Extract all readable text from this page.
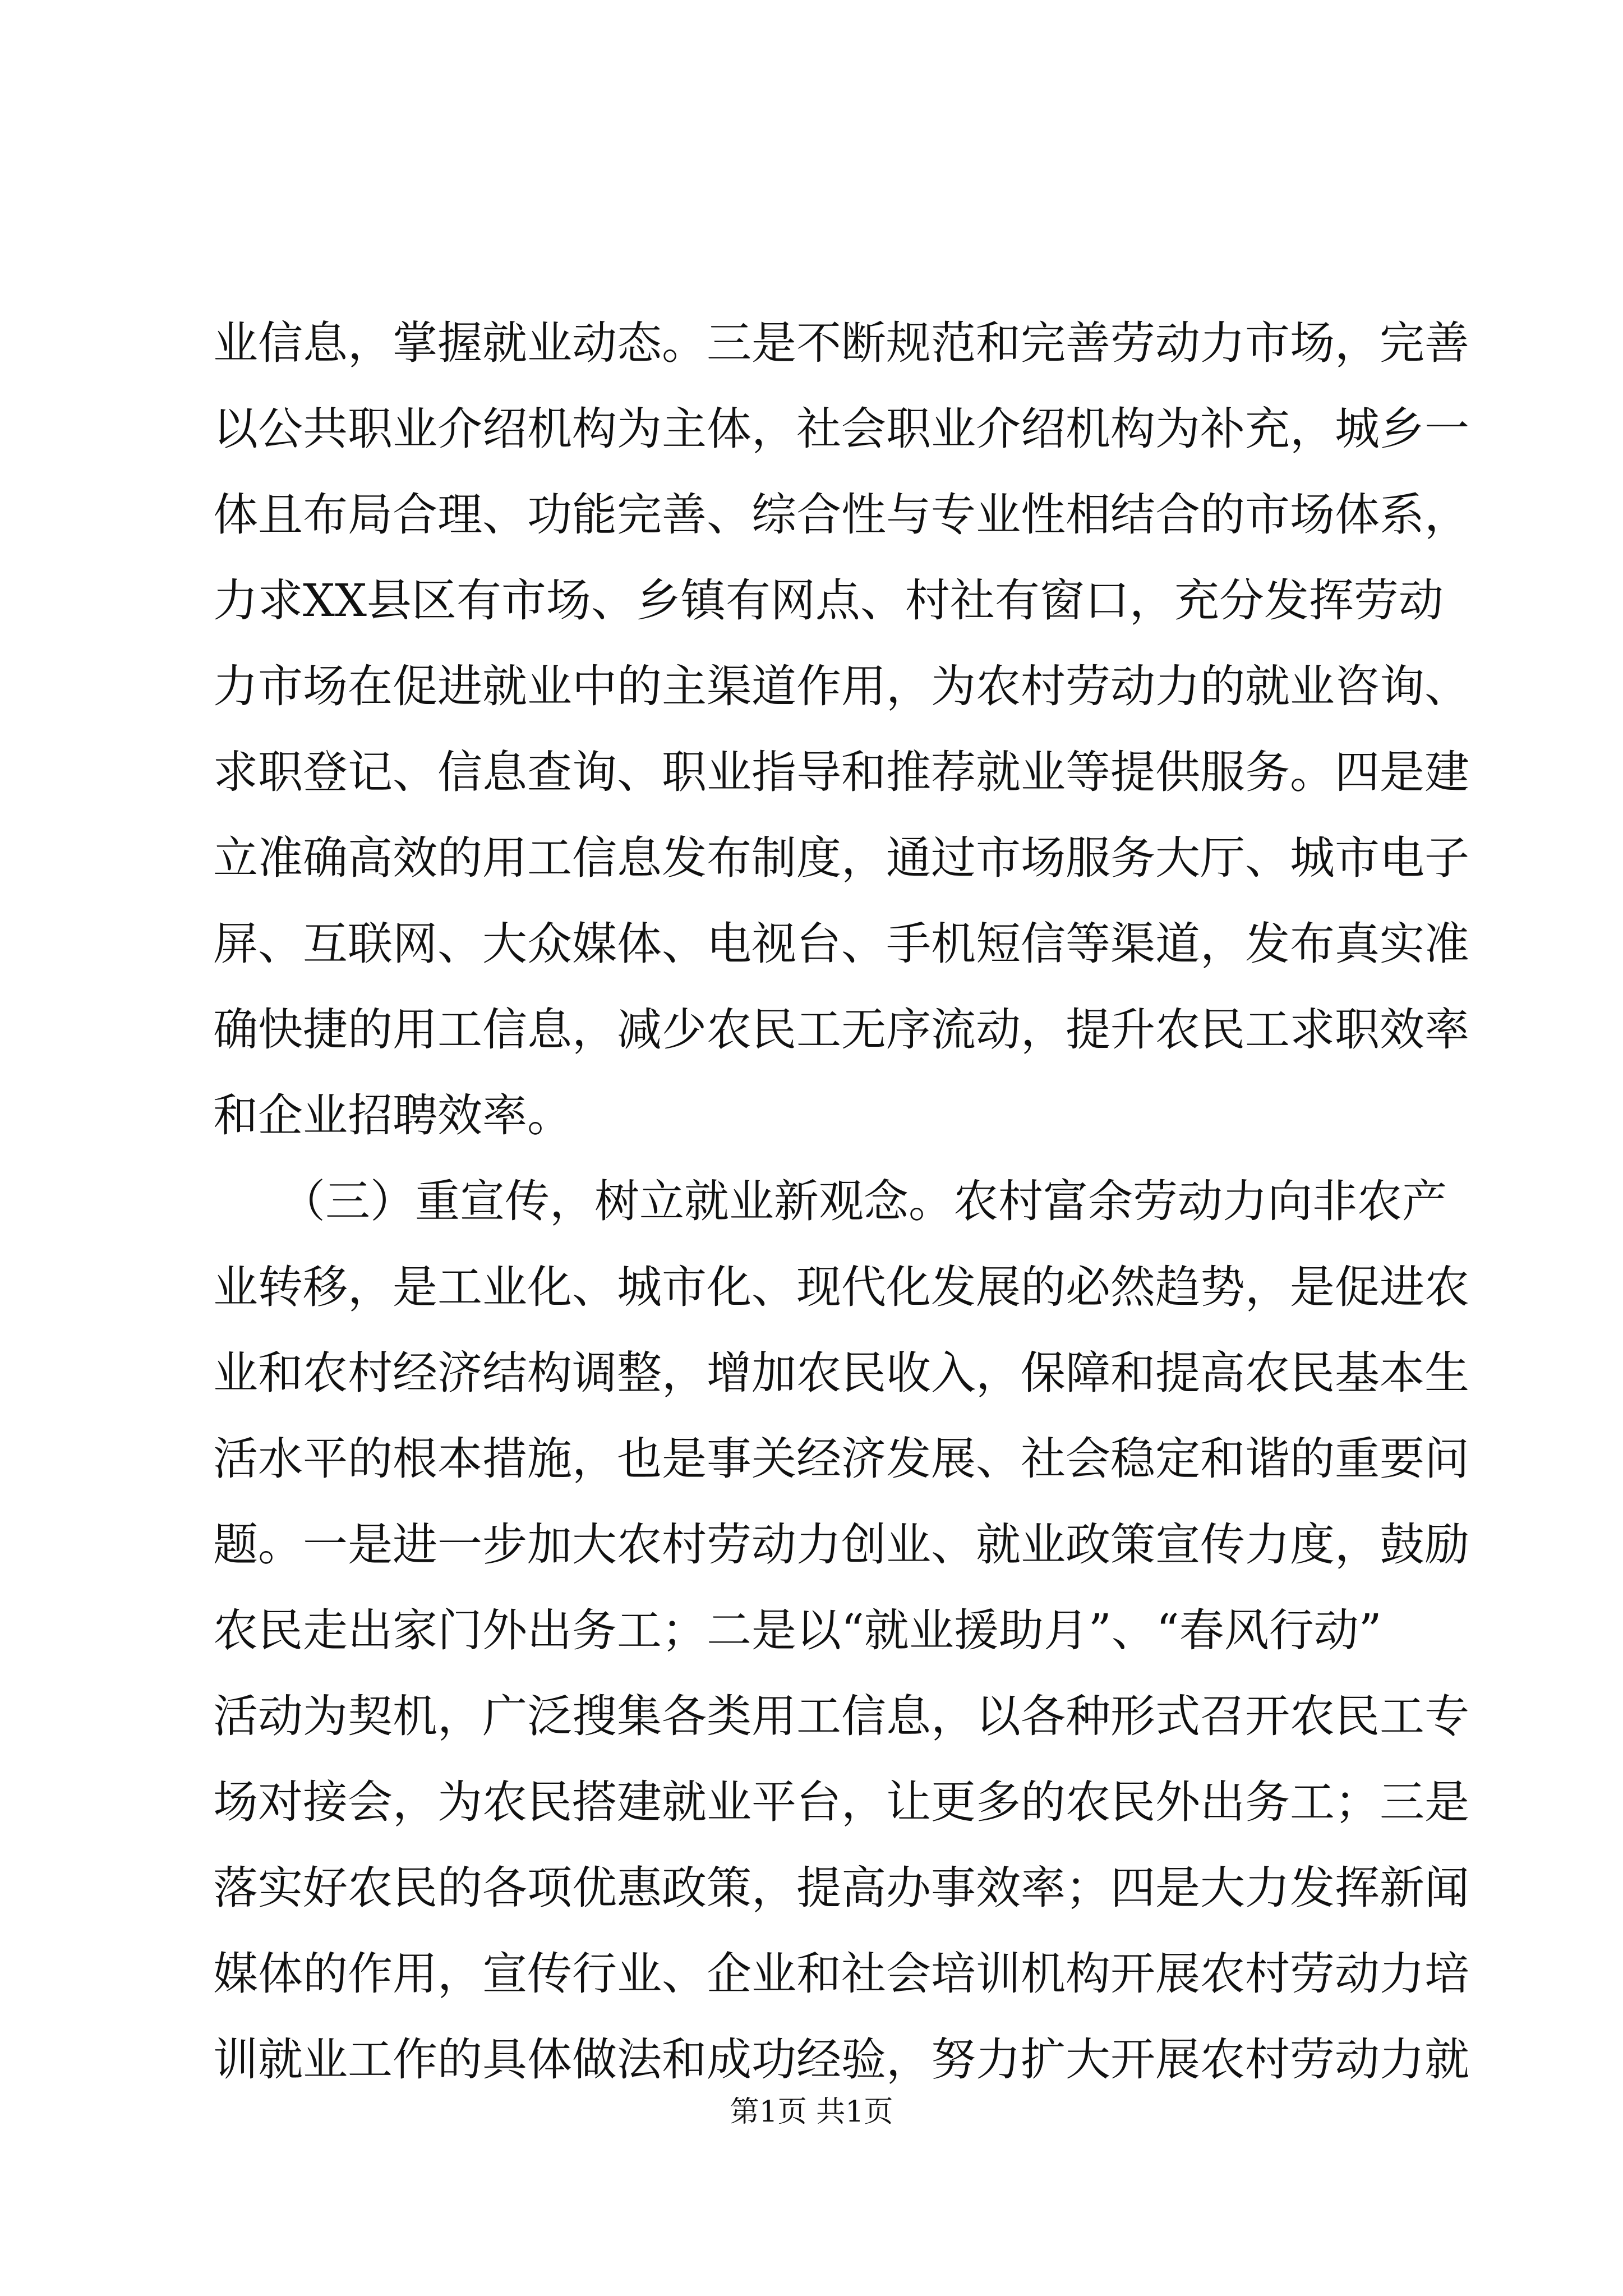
业信息，掌握就业动态。三是不断规范和完善劳动力市场，完善
以公共职业介绍机构为主体，社会职业介绍机构为补充，城乡一
体且布局合理、功能完善、综合性与专业性相结合的市场体系，
力求XX县区有市场、乡镇有网点、村社有窗口，充分发挥劳动
力市场在促进就业中的主渠道作用，为农村劳动力的就业咨询、
求职登记、信息查询、职业指导和推荐就业等提供服务。四是建
立准确高效的用工信息发布制度，通过市场服务大厅、城市电子
屏、互联网、大众媒体、电视台、手机短信等渠道，发布真实准
确快捷的用工信息，减少农民工无序流动，提升农民工求职效率
和企业招聘效率。
　　（三）重宣传，树立就业新观念。农村富余劳动力向非农产
业转移，是工业化、城市化、现代化发展的必然趋势，是促进农
业和农村经济结构调整，增加农民收入，保障和提高农民基本生
活水平的根本措施，也是事关经济发展、社会稳定和谐的重要问
题。一是进一步加大农村劳动力创业、就业政策宣传力度，鼓励
农民走出家门外出务工；二是以“就业援助月”、“春风行动”
活动为契机，广泛搜集各类用工信息，以各种形式召开农民工专
场对接会，为农民搭建就业平台，让更多的农民外出务工；三是
落实好农民的各项优惠政策，提高办事效率；四是大力发挥新闻
媒体的作用，宣传行业、企业和社会培训机构开展农村劳动力培
训就业工作的具体做法和成功经验，努力扩大开展农村劳动力就
第1页 共1页
